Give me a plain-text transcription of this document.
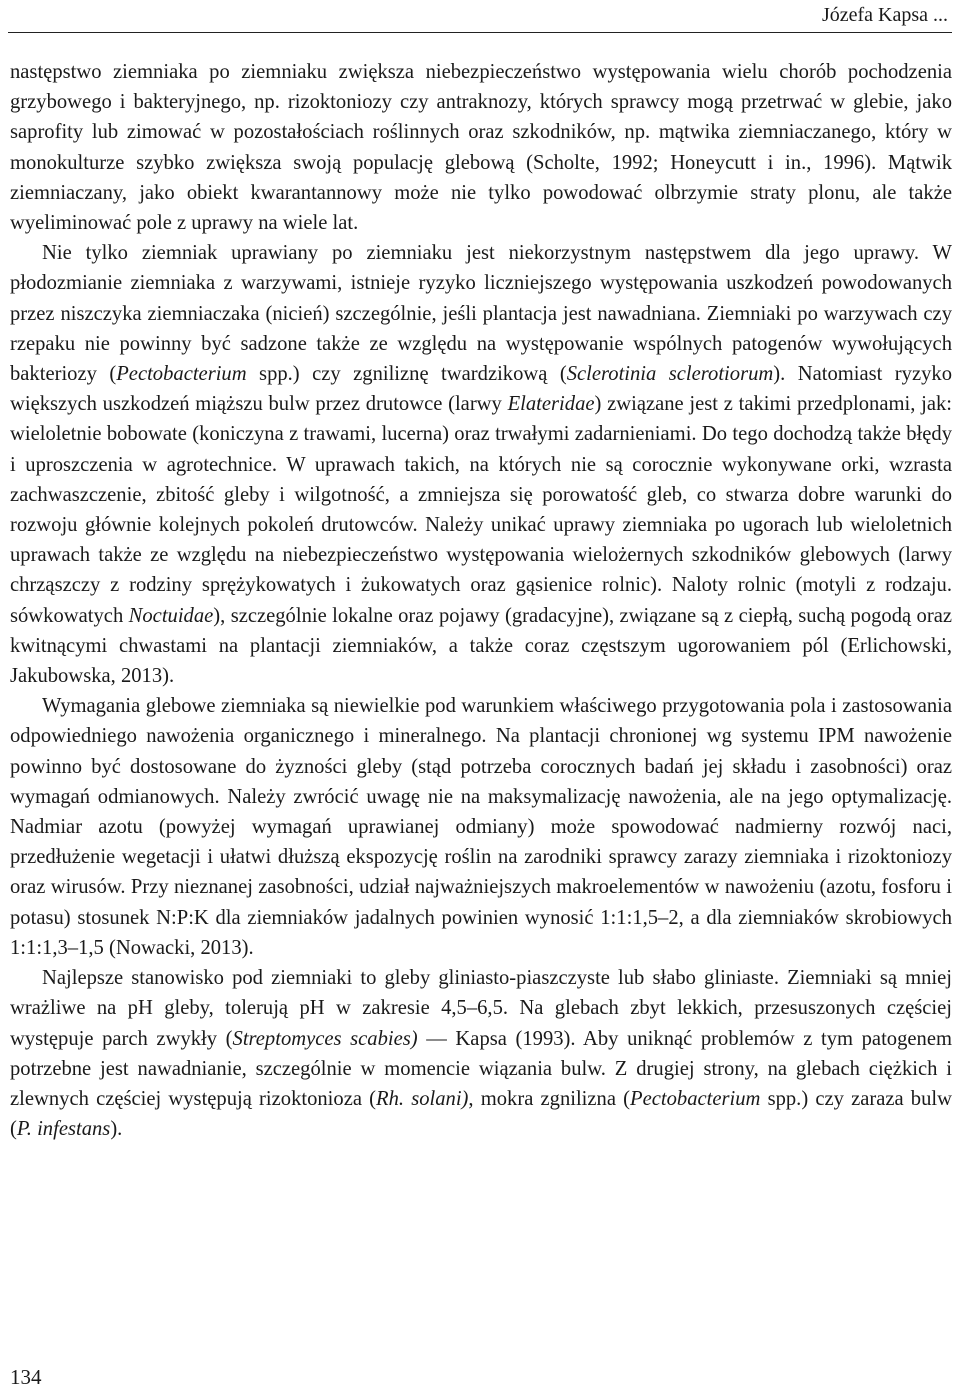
Józefa Kapsa ...

następstwo ziemniaka po ziemniaku zwiększa niebezpieczeństwo występowania wielu chorób pochodzenia grzybowego i bakteryjnego, np. rizoktoniozy czy antraknozy, których sprawcy mogą przetrwać w glebie, jako saprofity lub zimować w pozostałościach roślinnych oraz szkodników, np. mątwika ziemniaczanego, który w monokulturze szybko zwiększa swoją populację glebową (Scholte, 1992; Honeycutt i in., 1996). Mątwik ziemniaczany, jako obiekt kwarantannowy może nie tylko powodować olbrzymie straty plonu, ale także wyeliminować pole z uprawy na wiele lat.

Nie tylko ziemniak uprawiany po ziemniaku jest niekorzystnym następstwem dla jego uprawy. W płodozmianie ziemniaka z warzywami, istnieje ryzyko liczniejszego występowania uszkodzeń powodowanych przez niszczyka ziemniaczaka (nicień) szczególnie, jeśli plantacja jest nawadniana. Ziemniaki po warzywach czy rzepaku nie powinny być sadzone także ze względu na występowanie wspólnych patogenów wywołujących bakteriozy (Pectobacterium spp.) czy zgniliznę twardzikową (Sclerotinia sclerotiorum). Natomiast ryzyko większych uszkodzeń miąższu bulw przez drutowce (larwy Elateridae) związane jest z takimi przedplonami, jak: wieloletnie bobowate (koniczyna z trawami, lucerna) oraz trwałymi zadarnieniami. Do tego dochodzą także błędy i uproszczenia w agrotechnice. W uprawach takich, na których nie są corocznie wykonywane orki, wzrasta zachwaszczenie, zbitość gleby i wilgotność, a zmniejsza się porowatość gleb, co stwarza dobre warunki do rozwoju głównie kolejnych pokoleń drutowców. Należy unikać uprawy ziemniaka po ugorach lub wieloletnich uprawach także ze względu na niebezpieczeństwo występowania wielożernych szkodników glebowych (larwy chrząszczy z rodziny sprężykowatych i żukowatych oraz gąsienice rolnic). Naloty rolnic (motyli z rodzaju. sówkowatych Noctuidae), szczególnie lokalne oraz pojawy (gradacyjne), związane są z ciepłą, suchą pogodą oraz kwitnącymi chwastami na plantacji ziemniaków, a także coraz częstszym ugorowaniem pól (Erlichowski, Jakubowska, 2013).

Wymagania glebowe ziemniaka są niewielkie pod warunkiem właściwego przygotowania pola i zastosowania odpowiedniego nawożenia organicznego i mineralnego. Na plantacji chronionej wg systemu IPM nawożenie powinno być dostosowane do żyzności gleby (stąd potrzeba corocznych badań jej składu i zasobności) oraz wymagań odmianowych. Należy zwrócić uwagę nie na maksymalizację nawożenia, ale na jego optymalizację. Nadmiar azotu (powyżej wymagań uprawianej odmiany) może spowodować nadmierny rozwój naci, przedłużenie wegetacji i ułatwi dłuższą ekspozycję roślin na zarodniki sprawcy zarazy ziemniaka i rizoktoniozy oraz wirusów. Przy nieznanej zasobności, udział najważniejszych makroelementów w nawożeniu (azotu, fosforu i potasu) stosunek N:P:K dla ziemniaków jadalnych powinien wynosić 1:1:1,5–2, a dla ziemniaków skrobiowych 1:1:1,3–1,5 (Nowacki, 2013).

Najlepsze stanowisko pod ziemniaki to gleby gliniasto-piaszczyste lub słabo gliniaste. Ziemniaki są mniej wrażliwe na pH gleby, tolerują pH w zakresie 4,5–6,5. Na glebach zbyt lekkich, przesuszonych częściej występuje parch zwykły (Streptomyces scabies) — Kapsa (1993). Aby uniknąć problemów z tym patogenem potrzebne jest nawadnianie, szczególnie w momencie wiązania bulw. Z drugiej strony, na glebach ciężkich i zlewnych częściej występują rizoktonioza (Rh. solani), mokra zgnilizna (Pectobacterium spp.) czy zaraza bulw (P. infestans).

134
